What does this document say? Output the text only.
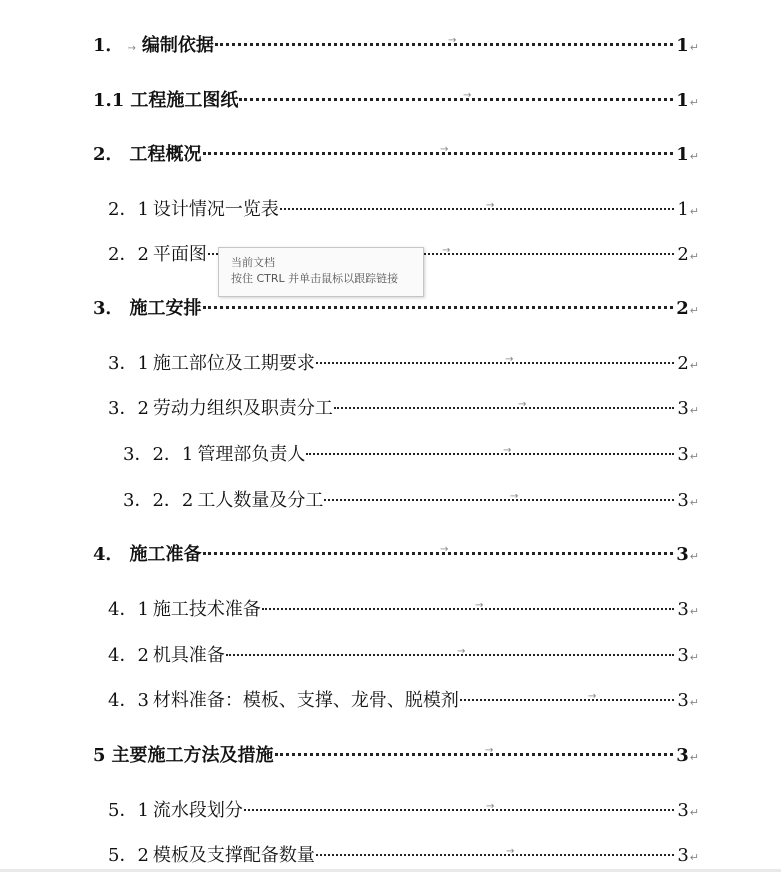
1． → 编制依据	→	1 ↵
1.1 工程施工图纸	→	1 ↵
2． 工程概况	→	1 ↵
2．1 设计情况一览表	→	1 ↵
2．2 平面图	→	2 ↵
3． 施工安排	2 ↵
3．1 施工部位及工期要求	→	2 ↵
3．2 劳动力组织及职责分工	→	3 ↵
3．2．1 管理部负责人	→	3 ↵
3．2．2 工人数量及分工	→	3 ↵
4． 施工准备	→	3 ↵
4．1 施工技术准备	→	3 ↵
4．2 机具准备	→	3 ↵
4．3 材料准备：模板、支撑、龙骨、脱模剂	→	3 ↵
5 主要施工方法及措施	→	3 ↵
5．1 流水段划分	→	3 ↵
5．2 模板及支撑配备数量	→	3 ↵
当前文档
按住 CTRL 并单击鼠标以跟踪链接
